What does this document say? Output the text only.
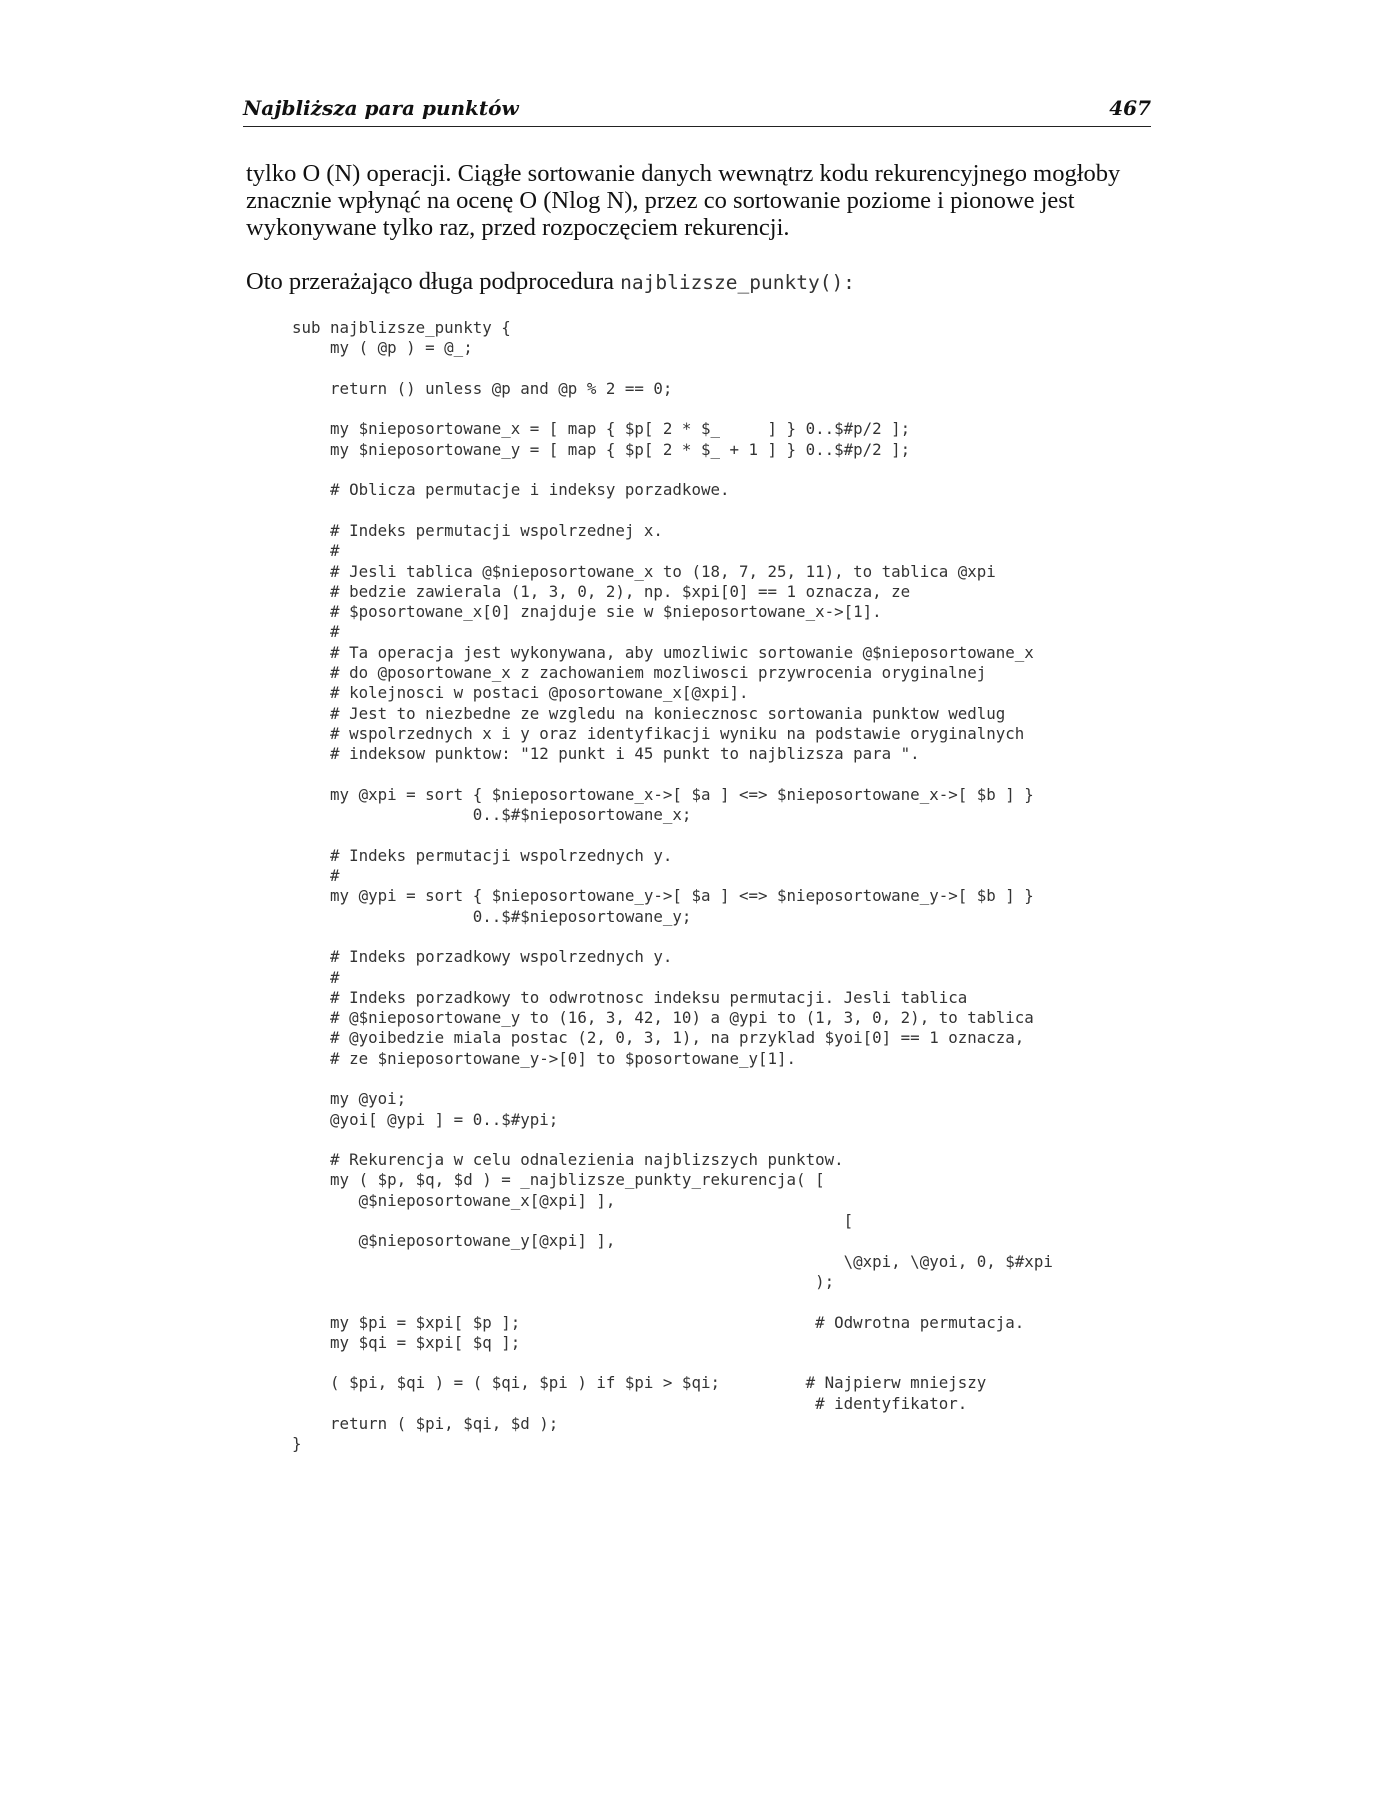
Najbliższa para punktów	467

tylko O (N) operacji. Ciągłe sortowanie danych wewnątrz kodu rekurencyjnego mogłoby znacznie wpłynąć na ocenę O (Nlog N), przez co sortowanie poziome i pionowe jest wykonywane tylko raz, przed rozpoczęciem rekurencji.

Oto przerażająco długa podprocedura najblizsze_punkty():

sub najblizsze_punkty {
my ( @p ) = @_;

return () unless @p and @p % 2 == 0;

my $nieposortowane_x = [ map { $p[ 2 * $_     ] } 0..$#p/2 ];
my $nieposortowane_y = [ map { $p[ 2 * $_ + 1 ] } 0..$#p/2 ];

# Oblicza permutacje i indeksy porzadkowe.

# Indeks permutacji wspolrzednej x.
#
# Jesli tablica @$nieposortowane_x to (18, 7, 25, 11), to tablica @xpi
# bedzie zawierala (1, 3, 0, 2), np. $xpi[0] == 1 oznacza, ze
# $posortowane_x[0] znajduje sie w $nieposortowane_x->[1].
#
# Ta operacja jest wykonywana, aby umozliwic sortowanie @$nieposortowane_x
# do @posortowane_x z zachowaniem mozliwosci przywrocenia oryginalnej
# kolejnosci w postaci @posortowane_x[@xpi].
# Jest to niezbedne ze wzgledu na koniecznosc sortowania punktow wedlug
# wspolrzednych x i y oraz identyfikacji wyniku na podstawie oryginalnych
# indeksow punktow: "12 punkt i 45 punkt to najblizsza para ".

my @xpi = sort { $nieposortowane_x->[ $a ] <=> $nieposortowane_x->[ $b ] }
0..$#$nieposortowane_x;

# Indeks permutacji wspolrzednych y.
#
my @ypi = sort { $nieposortowane_y->[ $a ] <=> $nieposortowane_y->[ $b ] }
0..$#$nieposortowane_y;

# Indeks porzadkowy wspolrzednych y.
#
# Indeks porzadkowy to odwrotnosc indeksu permutacji. Jesli tablica
# @$nieposortowane_y to (16, 3, 42, 10) a @ypi to (1, 3, 0, 2), to tablica
# @yoibedzie miala postac (2, 0, 3, 1), na przyklad $yoi[0] == 1 oznacza,
# ze $nieposortowane_y->[0] to $posortowane_y[1].

my @yoi;
@yoi[ @ypi ] = 0..$#ypi;

# Rekurencja w celu odnalezienia najblizszych punktow.
my ( $p, $q, $d ) = _najblizsze_punkty_rekurencja( [
@$nieposortowane_x[@xpi] ],
[
@$nieposortowane_y[@xpi] ],
\@xpi, \@yoi, 0, $#xpi
);

my $pi = $xpi[ $p ];                               # Odwrotna permutacja.
my $qi = $xpi[ $q ];

( $pi, $qi ) = ( $qi, $pi ) if $pi > $qi;         # Najpierw mniejszy
# identyfikator.
return ( $pi, $qi, $d );
}
